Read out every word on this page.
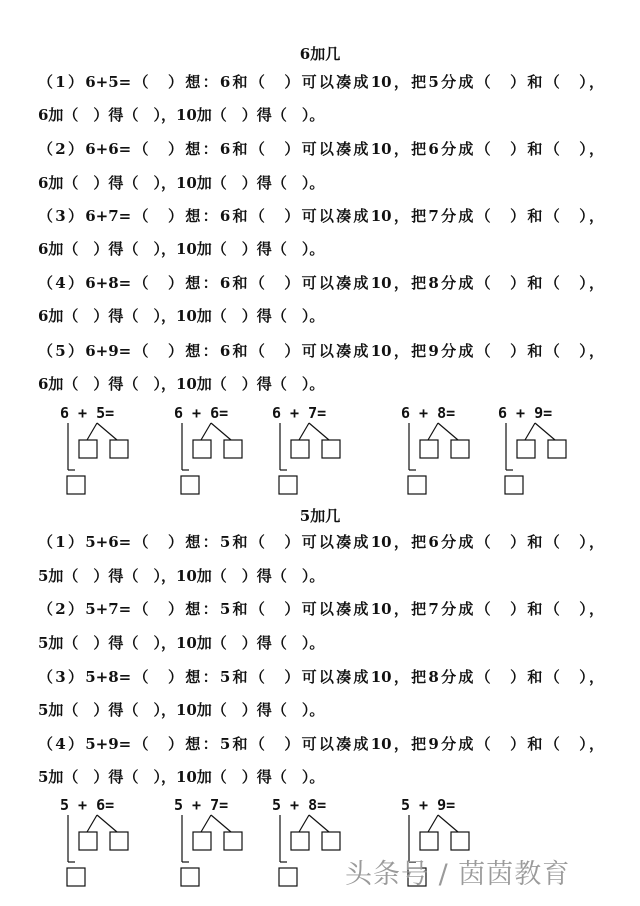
6加几

（1）6+5=（　）想：6和（　）可以凑成10，把5分成（　）和（　），

6加（　）得（　），10加（　）得（　）。

（2）6+6=（　）想：6和（　）可以凑成10，把6分成（　）和（　），

6加（　）得（　），10加（　）得（　）。

（3）6+7=（　）想：6和（　）可以凑成10，把7分成（　）和（　），

6加（　）得（　），10加（　）得（　）。

（4）6+8=（　）想：6和（　）可以凑成10，把8分成（　）和（　），

6加（　）得（　），10加（　）得（　）。

（5）6+9=（　）想：6和（　）可以凑成10，把9分成（　）和（　），

6加（　）得（　），10加（　）得（　）。

6 + 5=	6 + 6=	6 + 7=	6 + 8=	6 + 9=
5加几

（1）5+6=（　）想：5和（　）可以凑成10，把6分成（　）和（　），

5加（　）得（　），10加（　）得（　）。

（2）5+7=（　）想：5和（　）可以凑成10，把7分成（　）和（　），

5加（　）得（　），10加（　）得（　）。

（3）5+8=（　）想：5和（　）可以凑成10，把8分成（　）和（　），

5加（　）得（　），10加（　）得（　）。

（4）5+9=（　）想：5和（　）可以凑成10，把9分成（　）和（　），

5加（　）得（　），10加（　）得（　）。

5 + 6=	5 + 7=	5 + 8=	5 + 9=
头条号 / 茵茵教育
